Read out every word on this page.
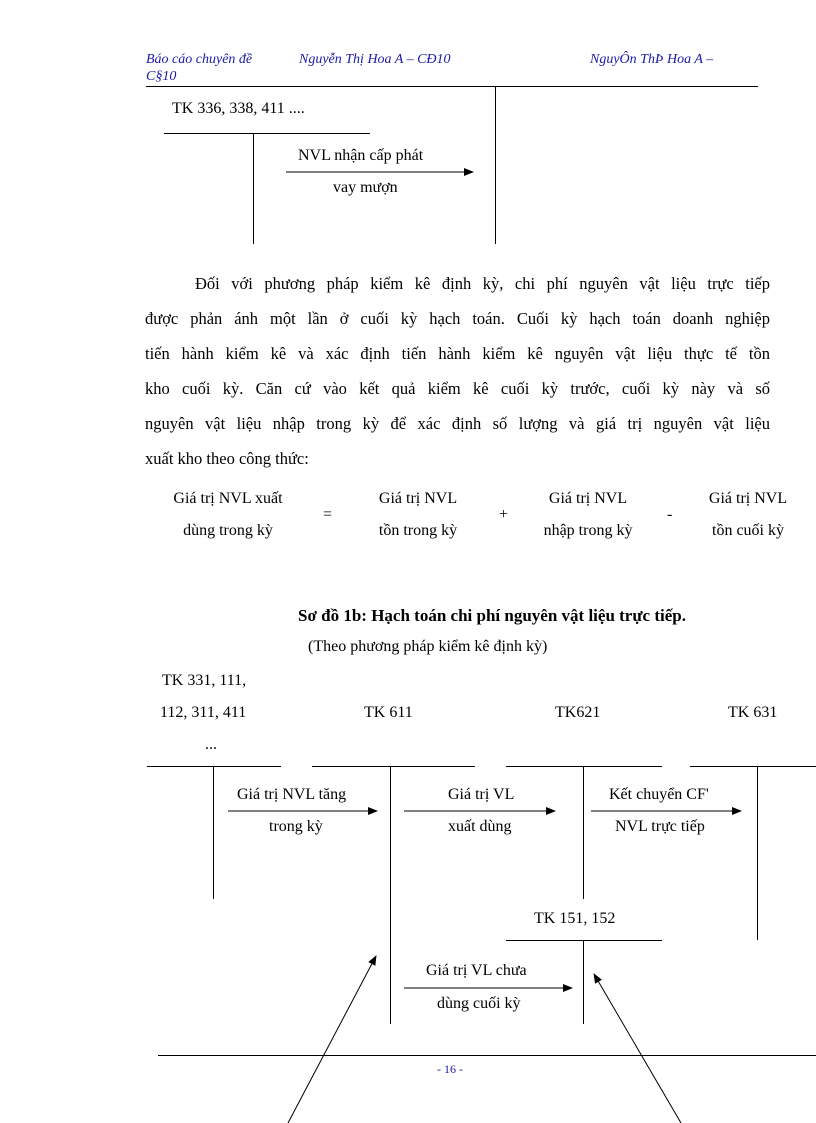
Báo cáo chuyên đề	Nguyễn Thị Hoa A – CĐ10	NguyÔn ThÞ Hoa A –
C§10
TK 336, 338, 411 ....
NVL nhận cấp phát
vay mượn
Đối với phương pháp kiểm kê định kỳ, chi phí nguyên vật liệu trực tiếp
được phản ánh một lần ở cuối kỳ hạch toán. Cuối kỳ hạch toán doanh nghiệp
tiến hành kiểm kê và xác định tiến hành kiểm kê nguyên vật liệu thực tế tồn
kho cuối kỳ. Căn cứ vào kết quả kiểm kê cuối kỳ trước, cuối kỳ này và số
nguyên vật liệu nhập trong kỳ để xác định số lượng và giá trị nguyên vật liệu
xuất kho theo công thức:
Giá trị NVL xuất
dùng trong kỳ
=
Giá trị NVL
tồn trong kỳ
+
Giá trị NVL
nhập trong kỳ
-
Giá trị NVL
tồn cuối kỳ
Sơ đồ 1b: Hạch toán chi phí nguyên vật liệu trực tiếp.
(Theo phương pháp kiểm kê định kỳ)
TK 331, 111,
112, 311, 411
...
TK 611	TK621	TK 631
TK 151, 152
Giá trị NVL tăng
trong kỳ
Giá trị VL
xuất dùng
Kết chuyển CF'
NVL trực tiếp
Giá trị VL chưa
dùng cuối kỳ
- 16 -
